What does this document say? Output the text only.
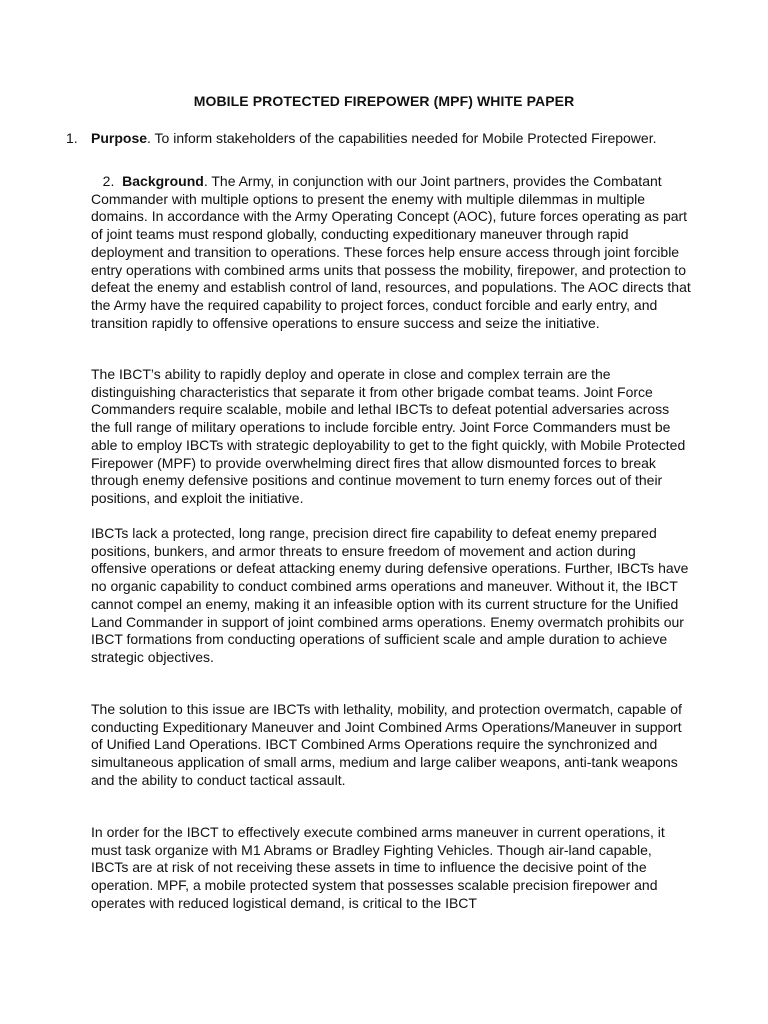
MOBILE PROTECTED FIREPOWER (MPF) WHITE PAPER
1. Purpose. To inform stakeholders of the capabilities needed for Mobile Protected Firepower.

2. Background. The Army, in conjunction with our Joint partners, provides the Combatant Commander with multiple options to present the enemy with multiple dilemmas in multiple domains. In accordance with the Army Operating Concept (AOC), future forces operating as part of joint teams must respond globally, conducting expeditionary maneuver through rapid deployment and transition to operations. These forces help ensure access through joint forcible entry operations with combined arms units that possess the mobility, firepower, and protection to defeat the enemy and establish control of land, resources, and populations. The AOC directs that the Army have the required capability to project forces, conduct forcible and early entry, and transition rapidly to offensive operations to ensure success and seize the initiative.

The IBCT’s ability to rapidly deploy and operate in close and complex terrain are the distinguishing characteristics that separate it from other brigade combat teams. Joint Force Commanders require scalable, mobile and lethal IBCTs to defeat potential adversaries across the full range of military operations to include forcible entry. Joint Force Commanders must be able to employ IBCTs with strategic deployability to get to the fight quickly, with Mobile Protected Firepower (MPF) to provide overwhelming direct fires that allow dismounted forces to break through enemy defensive positions and continue movement to turn enemy forces out of their positions, and exploit the initiative.

IBCTs lack a protected, long range, precision direct fire capability to defeat enemy prepared positions, bunkers, and armor threats to ensure freedom of movement and action during offensive operations or defeat attacking enemy during defensive operations. Further, IBCTs have no organic capability to conduct combined arms operations and maneuver. Without it, the IBCT cannot compel an enemy, making it an infeasible option with its current structure for the Unified Land Commander in support of joint combined arms operations. Enemy overmatch prohibits our IBCT formations from conducting operations of sufficient scale and ample duration to achieve strategic objectives.

The solution to this issue are IBCTs with lethality, mobility, and protection overmatch, capable of conducting Expeditionary Maneuver and Joint Combined Arms Operations/Maneuver in support of Unified Land Operations. IBCT Combined Arms Operations require the synchronized and simultaneous application of small arms, medium and large caliber weapons, anti-tank weapons and the ability to conduct tactical assault.

In order for the IBCT to effectively execute combined arms maneuver in current operations, it must task organize with M1 Abrams or Bradley Fighting Vehicles. Though air-land capable, IBCTs are at risk of not receiving these assets in time to influence the decisive point of the operation. MPF, a mobile protected system that possesses scalable precision firepower and operates with reduced logistical demand, is critical to the IBCT
